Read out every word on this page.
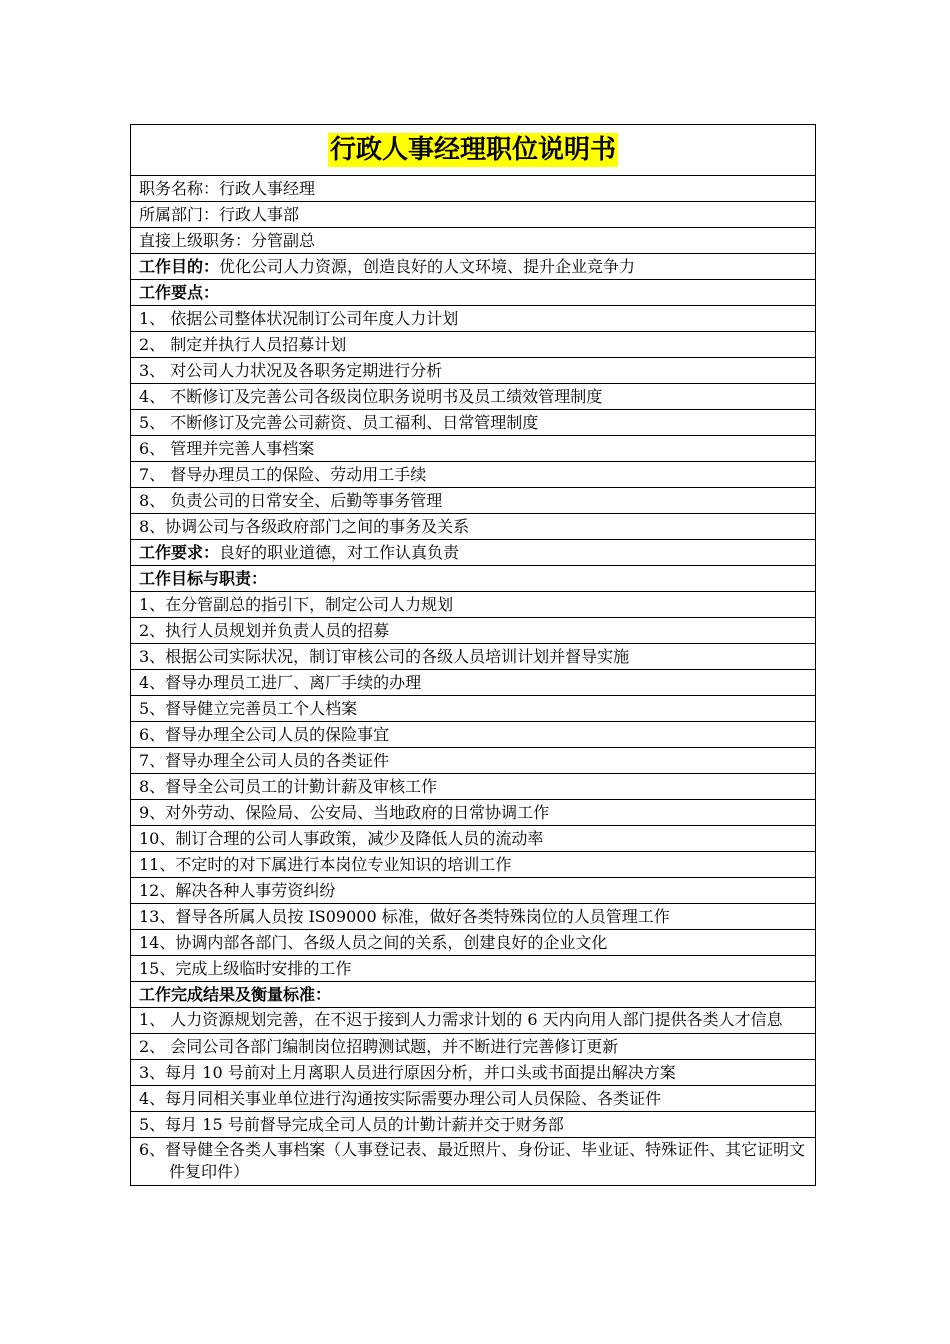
行政人事经理职位说明书
职务名称：行政人事经理
所属部门：行政人事部
直接上级职务：分管副总
工作目的：优化公司人力资源，创造良好的人文环境、提升企业竞争力
工作要点：
1、 依据公司整体状况制订公司年度人力计划
2、 制定并执行人员招募计划
3、 对公司人力状况及各职务定期进行分析
4、 不断修订及完善公司各级岗位职务说明书及员工绩效管理制度
5、 不断修订及完善公司薪资、员工福利、日常管理制度
6、 管理并完善人事档案
7、 督导办理员工的保险、劳动用工手续
8、 负责公司的日常安全、后勤等事务管理
8、协调公司与各级政府部门之间的事务及关系
工作要求：良好的职业道德，对工作认真负责
工作目标与职责：
1、在分管副总的指引下，制定公司人力规划
2、执行人员规划并负责人员的招募
3、根据公司实际状况，制订审核公司的各级人员培训计划并督导实施
4、督导办理员工进厂、离厂手续的办理
5、督导健立完善员工个人档案
6、督导办理全公司人员的保险事宜
7、督导办理全公司人员的各类证件
8、督导全公司员工的计勤计薪及审核工作
9、对外劳动、保险局、公安局、当地政府的日常协调工作
10、制订合理的公司人事政策，减少及降低人员的流动率
11、不定时的对下属进行本岗位专业知识的培训工作
12、解决各种人事劳资纠纷
13、督导各所属人员按 IS09000 标准，做好各类特殊岗位的人员管理工作
14、协调内部各部门、各级人员之间的关系，创建良好的企业文化
15、完成上级临时安排的工作
工作完成结果及衡量标准：

1、 人力资源规划完善，在不迟于接到人力需求计划的 6 天内向用人部门提供各类人才信息

2、 会同公司各部门编制岗位招聘测试题，并不断进行完善修订更新
3、每月 10 号前对上月离职人员进行原因分析，并口头或书面提出解决方案
4、每月同相关事业单位进行沟通按实际需要办理公司人员保险、各类证件
5、每月 15 号前督导完成全司人员的计勤计薪并交于财务部

6、督导健全各类人事档案（人事登记表、最近照片、身份证、毕业证、特殊证件、其它证明文件复印件）
